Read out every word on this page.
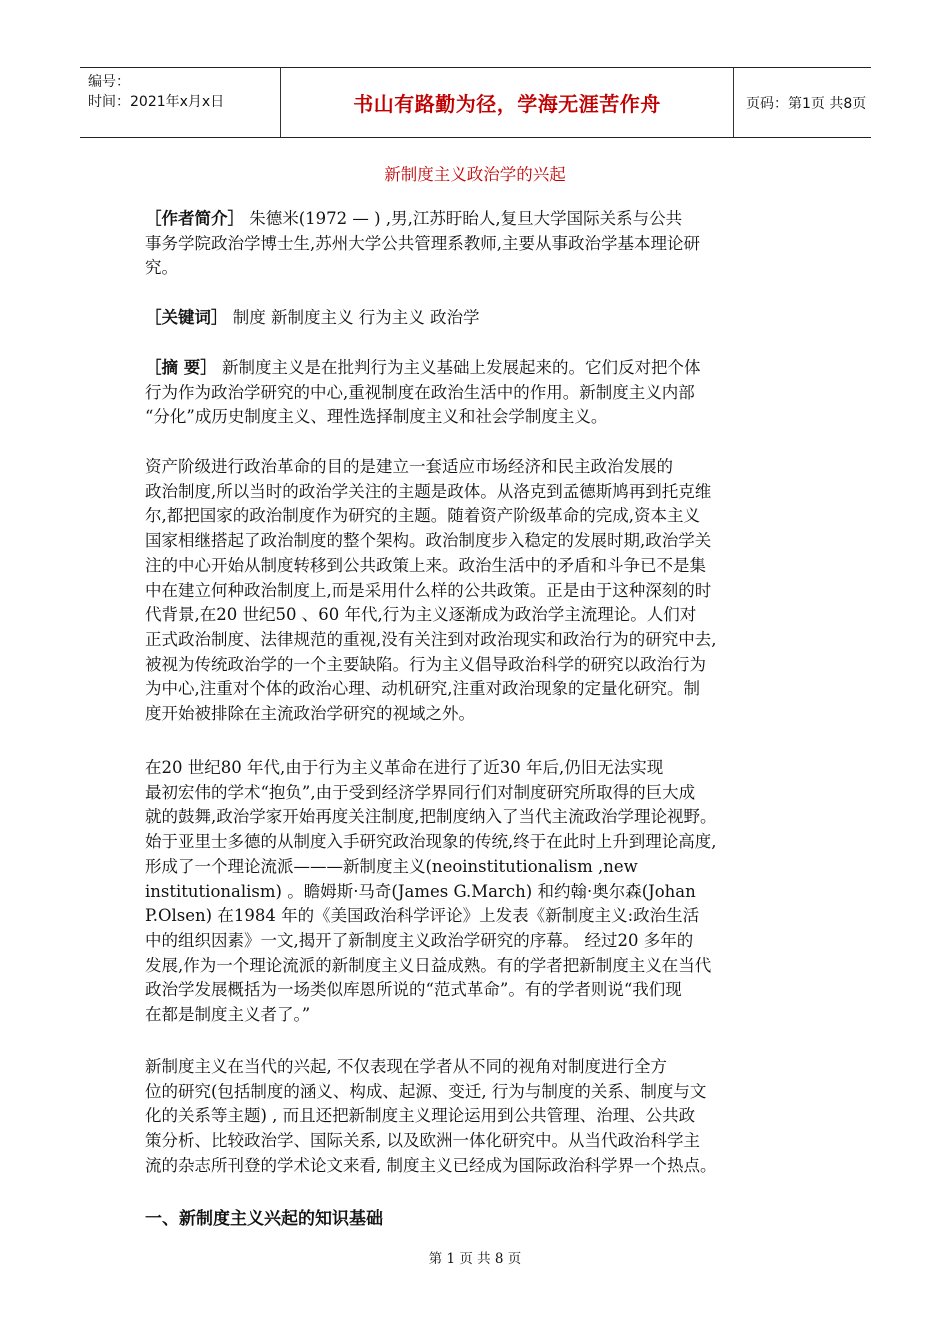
编号：
时间：2021年x月x日	书山有路勤为径，学海无涯苦作舟	页码：第1页 共8页
新制度主义政治学的兴起

［作者简介］ 朱德米(1972 — ) ,男,江苏盱眙人,复旦大学国际关系与公共

事务学院政治学博士生,苏州大学公共管理系教师,主要从事政治学基本理论研

究。

［关键词］ 制度 新制度主义 行为主义 政治学

［摘 要］ 新制度主义是在批判行为主义基础上发展起来的。它们反对把个体

行为作为政治学研究的中心,重视制度在政治生活中的作用。新制度主义内部

“分化”成历史制度主义、理性选择制度主义和社会学制度主义。

资产阶级进行政治革命的目的是建立一套适应市场经济和民主政治发展的

政治制度,所以当时的政治学关注的主题是政体。从洛克到孟德斯鸠再到托克维

尔,都把国家的政治制度作为研究的主题。随着资产阶级革命的完成,资本主义

国家相继搭起了政治制度的整个架构。政治制度步入稳定的发展时期,政治学关

注的中心开始从制度转移到公共政策上来。政治生活中的矛盾和斗争已不是集

中在建立何种政治制度上,而是采用什么样的公共政策。正是由于这种深刻的时

代背景,在20 世纪50 、60 年代,行为主义逐渐成为政治学主流理论。人们对

正式政治制度、法律规范的重视,没有关注到对政治现实和政治行为的研究中去,

被视为传统政治学的一个主要缺陷。行为主义倡导政治科学的研究以政治行为

为中心,注重对个体的政治心理、动机研究,注重对政治现象的定量化研究。制

度开始被排除在主流政治学研究的视域之外。

在20 世纪80 年代,由于行为主义革命在进行了近30 年后,仍旧无法实现

最初宏伟的学术“抱负”,由于受到经济学界同行们对制度研究所取得的巨大成

就的鼓舞,政治学家开始再度关注制度,把制度纳入了当代主流政治学理论视野。

始于亚里士多德的从制度入手研究政治现象的传统,终于在此时上升到理论高度,

形成了一个理论流派———新制度主义(neoinstitutionalism ,new

institutionalism) 。瞻姆斯·马奇(James G.March) 和约翰·奥尔森(Johan

P.Olsen) 在1984 年的《美国政治科学评论》上发表《新制度主义:政治生活

中的组织因素》一文,揭开了新制度主义政治学研究的序幕。 经过20 多年的

发展,作为一个理论流派的新制度主义日益成熟。有的学者把新制度主义在当代

政治学发展概括为一场类似库恩所说的“范式革命”。有的学者则说“我们现

在都是制度主义者了。”

新制度主义在当代的兴起, 不仅表现在学者从不同的视角对制度进行全方

位的研究(包括制度的涵义、构成、起源、变迁, 行为与制度的关系、制度与文

化的关系等主题) , 而且还把新制度主义理论运用到公共管理、治理、公共政

策分析、比较政治学、国际关系, 以及欧洲一体化研究中。从当代政治科学主

流的杂志所刊登的学术论文来看, 制度主义已经成为国际政治科学界一个热点。

一、新制度主义兴起的知识基础
第 1 页 共 8 页
